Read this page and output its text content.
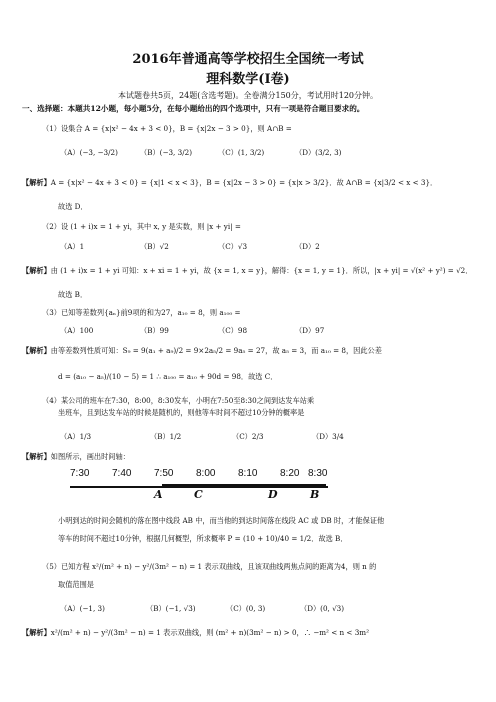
2016年普通高等学校招生全国统一考试
理科数学(I卷)
本试题卷共5页，24题(含选考题)。全卷满分150分，考试用时120分钟。
一、选择题：本题共12小题，每小题5分，在每小题给出的四个选项中，只有一项是符合题目要求的。
（1）设集合 A = {x|x² − 4x + 3 < 0}，B = {x|2x − 3 > 0}，则 A∩B =
（A）(−3, −3/2)	（B）(−3, 3/2)	（C）(1, 3/2)	（D）(3/2, 3)
【解析】A = {x|x² − 4x + 3 < 0} = {x|1 < x < 3}，B = {x|2x − 3 > 0} = {x|x > 3/2}．故 A∩B = {x|3/2 < x < 3}．
故选 D．
（2）设 (1 + i)x = 1 + yi，其中 x, y 是实数，则 |x + yi| =
（A）1	（B）√2	（C）√3	（D）2
【解析】由 (1 + i)x = 1 + yi 可知：x + xi = 1 + yi，故 {x = 1, x = y}，解得：{x = 1, y = 1}．所以，|x + yi| = √(x² + y²) = √2．
故选 B．
（3）已知等差数列{aₙ}前9项的和为27，a₁₀ = 8，则 a₁₀₀ =
（A）100	（B）99	（C）98	（D）97
【解析】由等差数列性质可知：S₉ = 9(a₁ + a₉)/2 = 9×2a₅/2 = 9a₅ = 27，故 a₅ = 3，而 a₁₀ = 8，因此公差
d = (a₁₀ − a₅)/(10 − 5) = 1 ∴ a₁₀₀ = a₁₀ + 90d = 98．故选 C．
（4）某公司的班车在7:30，8:00，8:30发车，小明在7:50至8:30之间到达发车站乘
坐班车，且到达发车站的时候是随机的，则他等车时间不超过10分钟的概率是
（A）1/3	（B）1/2	（C）2/3	（D）3/4
【解析】如图所示，画出时间轴：
7:30 7:40 7:50 8:00 8:10 8:20 8:30
A	C	D	B
小明到达的时间会随机的落在图中线段 AB 中，而当他的到达时间落在线段 AC 或 DB 时，才能保证他
等车的时间不超过10分钟，根据几何概型，所求概率 P = (10 + 10)/40 = 1/2．故选 B．
（5）已知方程 x²/(m² + n) − y²/(3m² − n) = 1 表示双曲线，且该双曲线两焦点间的距离为4，则 n 的
取值范围是
（A）(−1, 3)	（B）(−1, √3)	（C）(0, 3)	（D）(0, √3)
【解析】x²/(m² + n) − y²/(3m² − n) = 1 表示双曲线，则 (m² + n)(3m² − n) > 0，∴ −m² < n < 3m²
